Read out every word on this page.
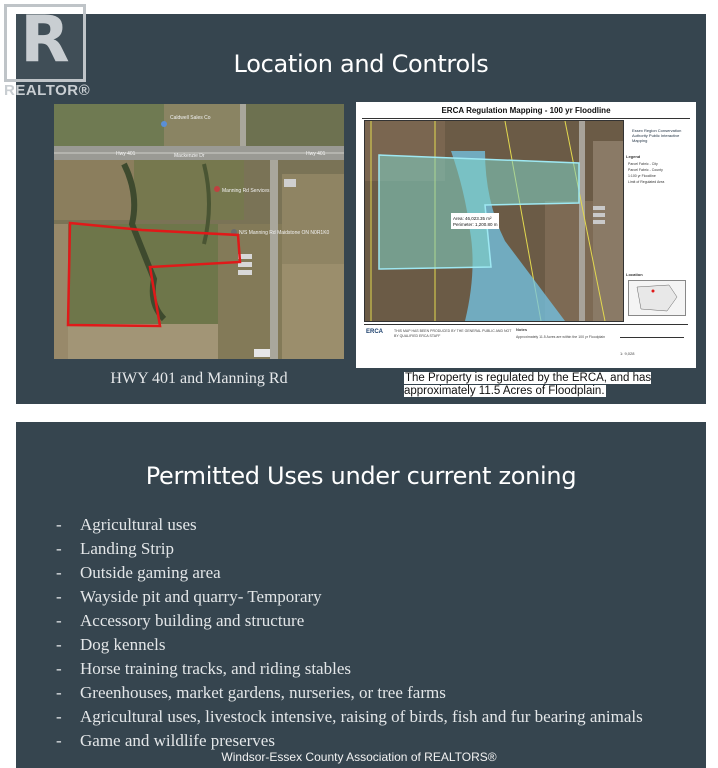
R
REALTOR®
Location and Controls
Hwy 401	Mackenzie Dr	Hwy 401
Caldwell Sales Co
Manning Rd Services
N/S Manning Rd Maidstone ON N0R1K0
HWY 401 and Manning Rd
ERCA Regulation Mapping - 100 yr Floodline
Area: 46,023.35 m²
Perimeter: 1,200.80 m
Essex Region Conservation Authority Public Interactive Mapping
Legend
Parcel Fabric - City
Parcel Fabric - County
1:100 yr Floodline
Limit of Regulated Area
Location
ERCA	THIS MAP HAS BEEN PRODUCED BY THE GENERAL PUBLIC AND NOT BY QUALIFIED ERCA STAFF
Notes
Approximately 11.5 Acres are within the 100 yr Floodplain
1: 9,028
The Property is regulated by the ERCA, and has approximately 11.5 Acres of Floodplain.
Permitted Uses under current zoning
- Agricultural uses
- Landing Strip
- Outside gaming area
- Wayside pit and quarry- Temporary
- Accessory building and structure
- Dog kennels
- Horse training tracks, and riding stables
- Greenhouses, market gardens, nurseries, or tree farms
- Agricultural uses, livestock intensive, raising of birds, fish and fur bearing animals
- Game and wildlife preserves
Windsor-Essex County Association of REALTORS®
